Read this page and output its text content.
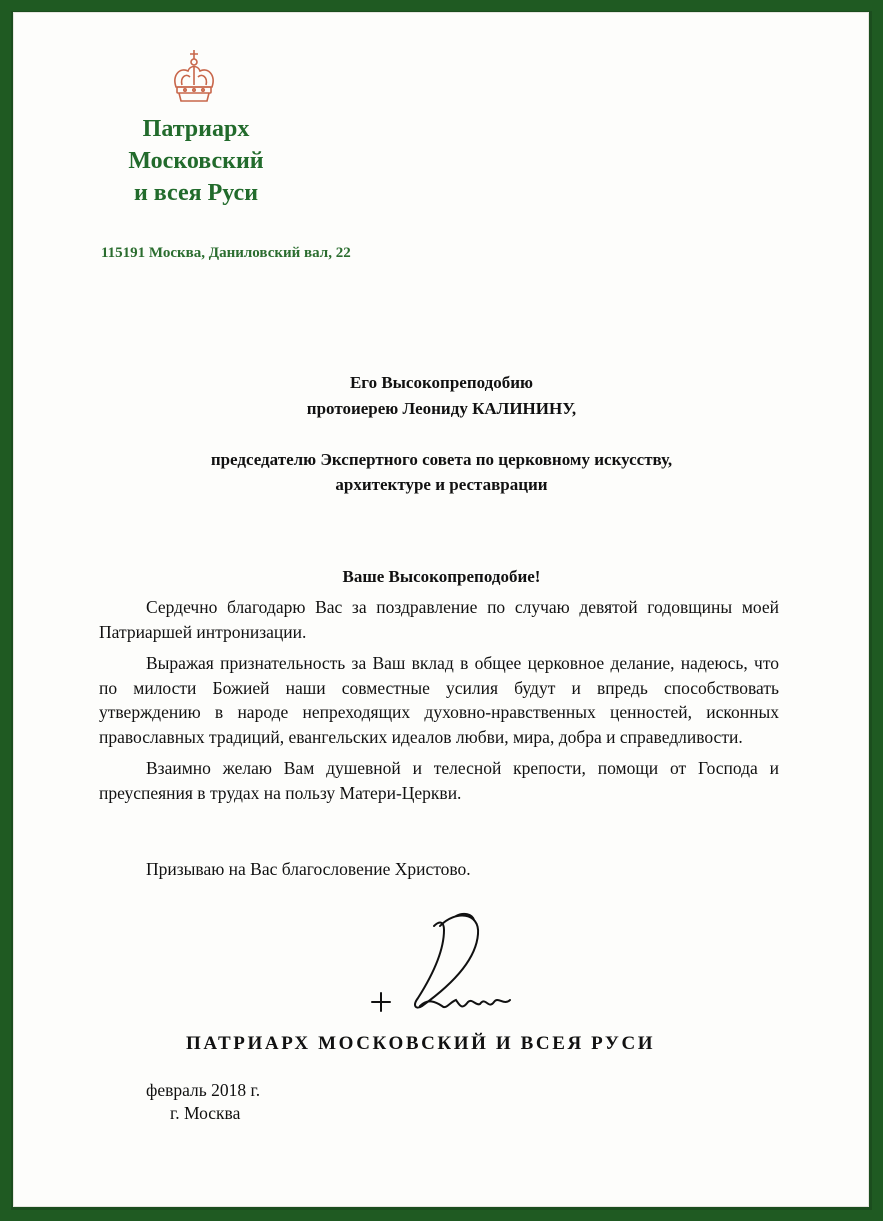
Патриарх
Московский
и всея Руси
115191 Москва, Даниловский вал, 22
Его Высокопреподобию
протоиерею Леониду КАЛИНИНУ,
председателю Экспертного совета по церковному искусству,
архитектуре и реставрации
Ваше Высокопреподобие!

Сердечно благодарю Вас за поздравление по случаю девятой годовщины моей Патриаршей интронизации.

Выражая признательность за Ваш вклад в общее церковное делание, надеюсь, что по милости Божией наши совместные усилия будут и впредь способствовать утверждению в народе непреходящих духовно-нравственных ценностей, исконных православных традиций, евангельских идеалов любви, мира, добра и справедливости.

Взаимно желаю Вам душевной и телесной крепости, помощи от Господа и преуспеяния в трудах на пользу Матери-Церкви.

Призываю на Вас благословение Христово.
ПАТРИАРХ МОСКОВСКИЙ И ВСЕЯ РУСИ
февраль 2018 г.
г. Москва
